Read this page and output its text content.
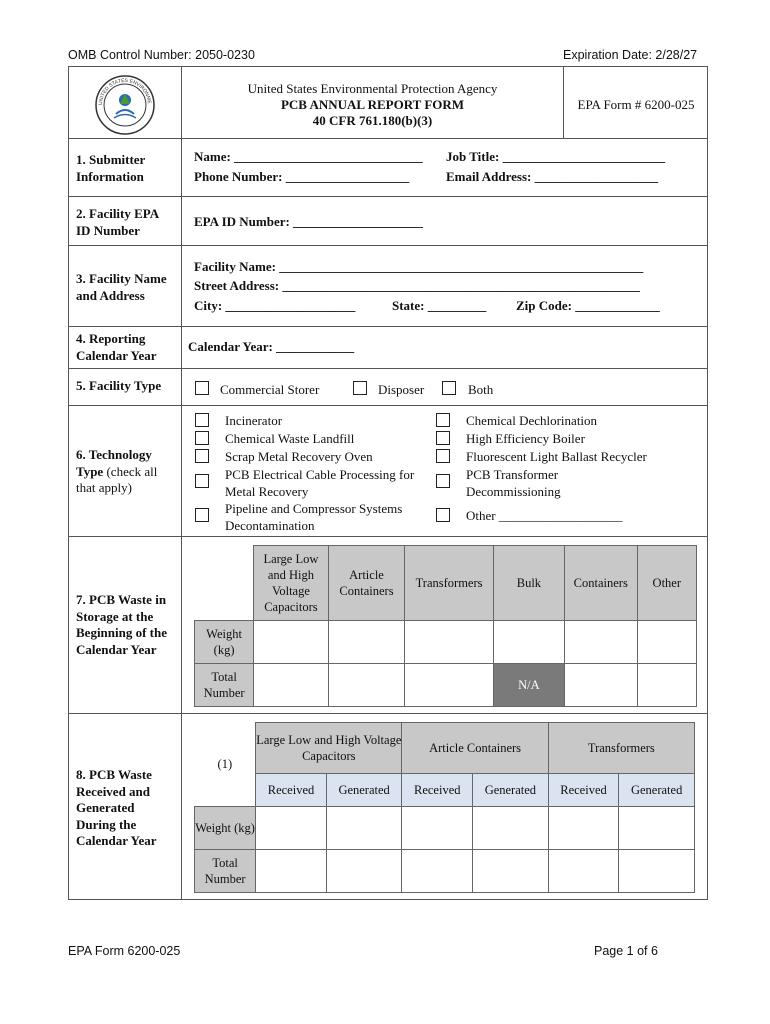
OMB Control Number: 2050-0230	Expiration Date: 2/28/27
UNITED STATES ENVIRONME
United States Environmental Protection Agency
PCB ANNUAL REPORT FORM
40 CFR 761.180(b)(3)
EPA Form # 6200-025
1. Submitter Information
Name: _____________________________ Job Title: _________________________
Phone Number: ___________________	Email Address: ___________________
2. Facility EPA ID Number
EPA ID Number: ____________________
3. Facility Name and Address
Facility Name: ________________________________________________________
Street Address: _______________________________________________________
City: ____________________	State: _________ Zip Code: _____________
4. Reporting Calendar Year
Calendar Year: ____________
5. Facility Type	Commercial Storer	Disposer	Both
6. Technology Type (check all that apply)
Incinerator
Chemical Waste Landfill
Scrap Metal Recovery Oven
PCB Electrical Cable Processing for Metal Recovery
Pipeline and Compressor Systems Decontamination
Chemical Dechlorination
High Efficiency Boiler
Fluorescent Light Ballast Recycler
PCB Transformer Decommissioning
Other ___________________
7. PCB Waste in Storage at the Beginning of the Calendar Year
	Large Low and High Voltage Capacitors	Article Containers	Transformers	Bulk	Containers	Other
Weight (kg)						
Total Number				N/A		
8. PCB Waste Received and Generated During the Calendar Year
(1)	Large Low and High Voltage Capacitors		Article Containers		Transformers	
	Received	Generated	Received	Generated	Received	Generated
Weight (kg)						
Total Number						
EPA Form 6200-025	Page 1 of 6
